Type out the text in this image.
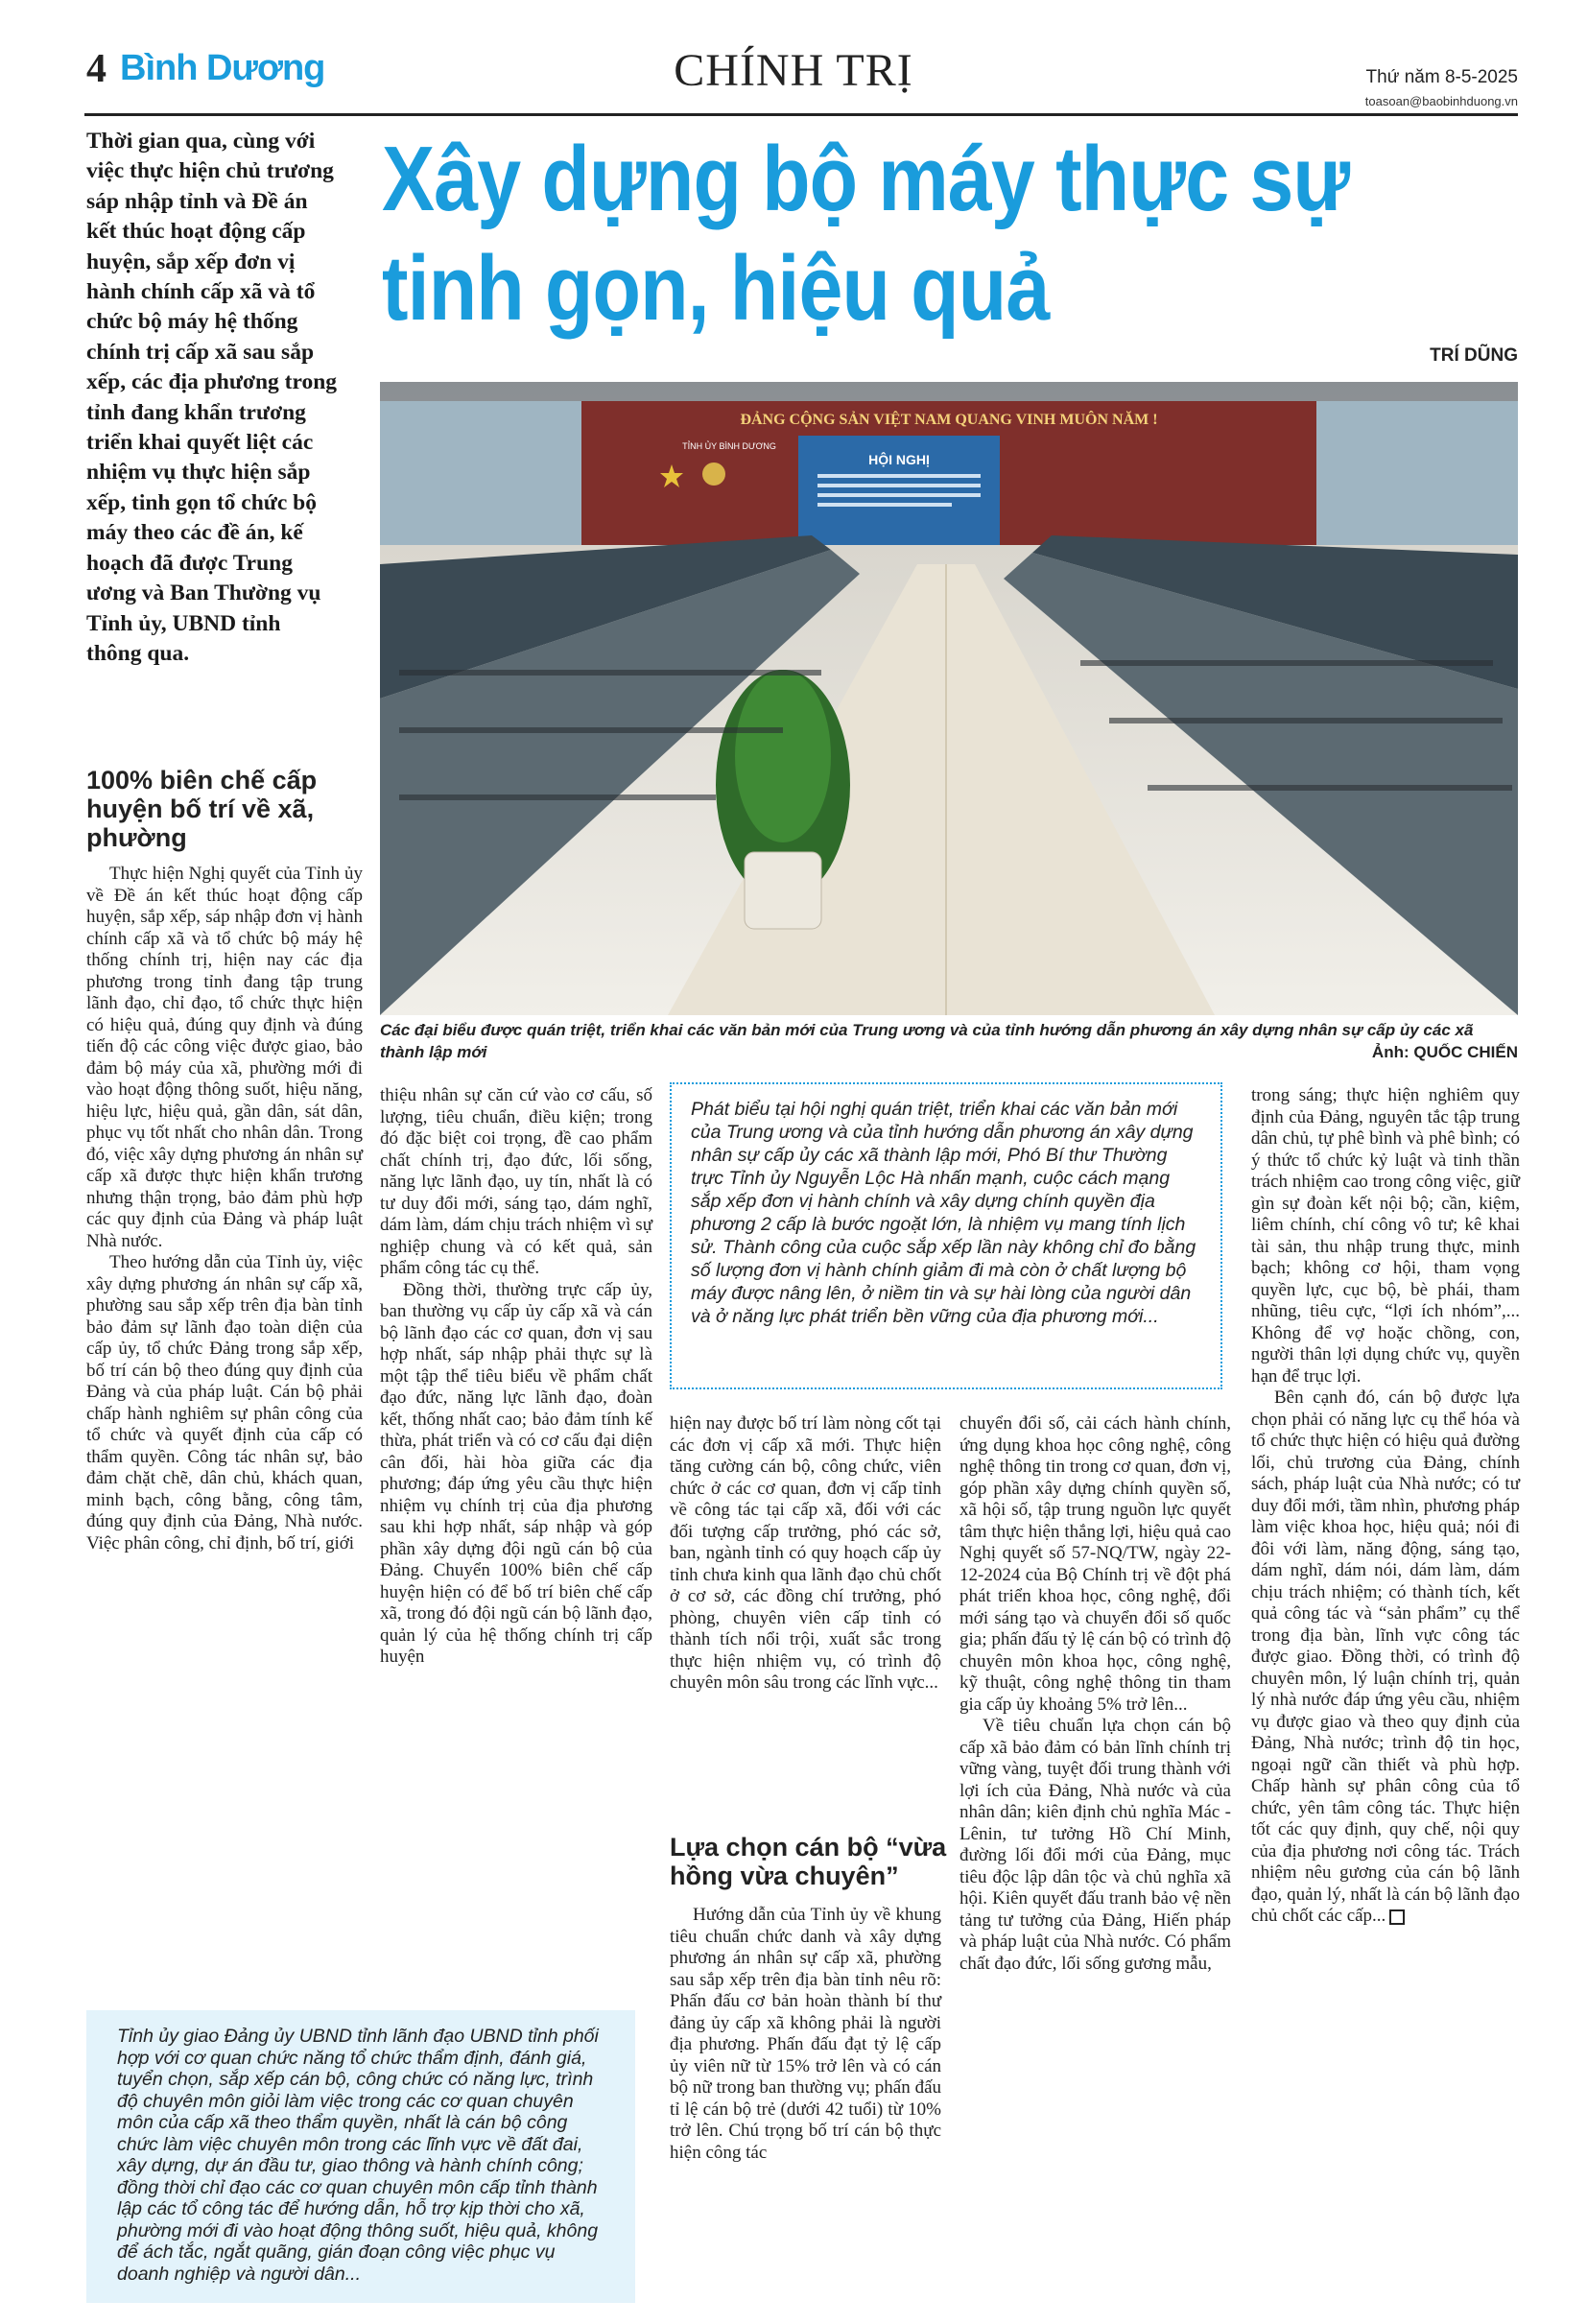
4 Bình Dương	CHÍNH TRỊ	Thứ năm 8-5-2025
toasoan@baobinhduong.vn
Thời gian qua, cùng với việc thực hiện chủ trương sáp nhập tỉnh và Đề án kết thúc hoạt động cấp huyện, sắp xếp đơn vị hành chính cấp xã và tổ chức bộ máy hệ thống chính trị cấp xã sau sắp xếp, các địa phương trong tỉnh đang khẩn trương triển khai quyết liệt các nhiệm vụ thực hiện sắp xếp, tinh gọn tổ chức bộ máy theo các đề án, kế hoạch đã được Trung ương và Ban Thường vụ Tỉnh ủy, UBND tỉnh thông qua.
Xây dựng bộ máy thực sự tinh gọn, hiệu quả
TRÍ DŨNG
ĐẢNG CỘNG SẢN VIỆT NAM QUANG VINH MUÔN NĂM !
HỘI NGHỊ
TỈNH ỦY BÌNH DƯƠNG
Các đại biểu được quán triệt, triển khai các văn bản mới của Trung ương và của tỉnh hướng dẫn phương án xây dựng nhân sự cấp ủy các xã thành lập mới	Ảnh: QUỐC CHIẾN
100% biên chế cấp huyện bố trí về xã, phường
Lựa chọn cán bộ “vừa hồng vừa chuyên”

Thực hiện Nghị quyết của Tỉnh ủy về Đề án kết thúc hoạt động cấp huyện, sắp xếp, sáp nhập đơn vị hành chính cấp xã và tổ chức bộ máy hệ thống chính trị, hiện nay các địa phương trong tỉnh đang tập trung lãnh đạo, chỉ đạo, tổ chức thực hiện có hiệu quả, đúng quy định và đúng tiến độ các công việc được giao, bảo đảm bộ máy của xã, phường mới đi vào hoạt động thông suốt, hiệu năng, hiệu lực, hiệu quả, gần dân, sát dân, phục vụ tốt nhất cho nhân dân. Trong đó, việc xây dựng phương án nhân sự cấp xã được thực hiện khẩn trương nhưng thận trọng, bảo đảm phù hợp các quy định của Đảng và pháp luật Nhà nước.

Theo hướng dẫn của Tỉnh ủy, việc xây dựng phương án nhân sự cấp xã, phường sau sắp xếp trên địa bàn tỉnh bảo đảm sự lãnh đạo toàn diện của cấp ủy, tổ chức Đảng trong sắp xếp, bố trí cán bộ theo đúng quy định của Đảng và của pháp luật. Cán bộ phải chấp hành nghiêm sự phân công của tổ chức và quyết định của cấp có thẩm quyền. Công tác nhân sự, bảo đảm chặt chẽ, dân chủ, khách quan, minh bạch, công bằng, công tâm, đúng quy định của Đảng, Nhà nước. Việc phân công, chỉ định, bố trí, giới

thiệu nhân sự căn cứ vào cơ cấu, số lượng, tiêu chuẩn, điều kiện; trong đó đặc biệt coi trọng, đề cao phẩm chất chính trị, đạo đức, lối sống, năng lực lãnh đạo, uy tín, nhất là có tư duy đổi mới, sáng tạo, dám nghĩ, dám làm, dám chịu trách nhiệm vì sự nghiệp chung và có kết quả, sản phẩm công tác cụ thể.

Đồng thời, thường trực cấp ủy, ban thường vụ cấp ủy cấp xã và cán bộ lãnh đạo các cơ quan, đơn vị sau hợp nhất, sáp nhập phải thực sự là một tập thể tiêu biểu về phẩm chất đạo đức, năng lực lãnh đạo, đoàn kết, thống nhất cao; bảo đảm tính kế thừa, phát triển và có cơ cấu đại diện cân đối, hài hòa giữa các địa phương; đáp ứng yêu cầu thực hiện nhiệm vụ chính trị của địa phương sau khi hợp nhất, sáp nhập và góp phần xây dựng đội ngũ cán bộ của Đảng. Chuyển 100% biên chế cấp huyện hiện có để bố trí biên chế cấp xã, trong đó đội ngũ cán bộ lãnh đạo, quản lý của hệ thống chính trị cấp huyện

hiện nay được bố trí làm nòng cốt tại các đơn vị cấp xã mới. Thực hiện tăng cường cán bộ, công chức, viên chức ở các cơ quan, đơn vị cấp tỉnh về công tác tại cấp xã, đối với các đối tượng cấp trưởng, phó các sở, ban, ngành tỉnh có quy hoạch cấp ủy tỉnh chưa kinh qua lãnh đạo chủ chốt ở cơ sở, các đồng chí trưởng, phó phòng, chuyên viên cấp tỉnh có thành tích nổi trội, xuất sắc trong thực hiện nhiệm vụ, có trình độ chuyên môn sâu trong các lĩnh vực...

Hướng dẫn của Tỉnh ủy về khung tiêu chuẩn chức danh và xây dựng phương án nhân sự cấp xã, phường sau sắp xếp trên địa bàn tỉnh nêu rõ: Phấn đấu cơ bản hoàn thành bí thư đảng ủy cấp xã không phải là người địa phương. Phấn đấu đạt tỷ lệ cấp ủy viên nữ từ 15% trở lên và có cán bộ nữ trong ban thường vụ; phấn đấu tỉ lệ cán bộ trẻ (dưới 42 tuổi) từ 10% trở lên. Chú trọng bố trí cán bộ thực hiện công tác

chuyển đổi số, cải cách hành chính, ứng dụng khoa học công nghệ, công nghệ thông tin trong cơ quan, đơn vị, góp phần xây dựng chính quyền số, xã hội số, tập trung nguồn lực quyết tâm thực hiện thắng lợi, hiệu quả cao Nghị quyết số 57-NQ/TW, ngày 22-12-2024 của Bộ Chính trị về đột phá phát triển khoa học, công nghệ, đổi mới sáng tạo và chuyển đổi số quốc gia; phấn đấu tỷ lệ cán bộ có trình độ chuyên môn khoa học, công nghệ, kỹ thuật, công nghệ thông tin tham gia cấp ủy khoảng 5% trở lên...

Về tiêu chuẩn lựa chọn cán bộ cấp xã bảo đảm có bản lĩnh chính trị vững vàng, tuyệt đối trung thành với lợi ích của Đảng, Nhà nước và của nhân dân; kiên định chủ nghĩa Mác - Lênin, tư tưởng Hồ Chí Minh, đường lối đổi mới của Đảng, mục tiêu độc lập dân tộc và chủ nghĩa xã hội. Kiên quyết đấu tranh bảo vệ nền tảng tư tưởng của Đảng, Hiến pháp và pháp luật của Nhà nước. Có phẩm chất đạo đức, lối sống gương mẫu,

trong sáng; thực hiện nghiêm quy định của Đảng, nguyên tắc tập trung dân chủ, tự phê bình và phê bình; có ý thức tổ chức kỷ luật và tinh thần trách nhiệm cao trong công việc, giữ gìn sự đoàn kết nội bộ; cần, kiệm, liêm chính, chí công vô tư; kê khai tài sản, thu nhập trung thực, minh bạch; không cơ hội, tham vọng quyền lực, cục bộ, bè phái, tham nhũng, tiêu cực, “lợi ích nhóm”,... Không để vợ hoặc chồng, con, người thân lợi dụng chức vụ, quyền hạn để trục lợi.

Bên cạnh đó, cán bộ được lựa chọn phải có năng lực cụ thể hóa và tổ chức thực hiện có hiệu quả đường lối, chủ trương của Đảng, chính sách, pháp luật của Nhà nước; có tư duy đổi mới, tầm nhìn, phương pháp làm việc khoa học, hiệu quả; nói đi đôi với làm, năng động, sáng tạo, dám nghĩ, dám nói, dám làm, dám chịu trách nhiệm; có thành tích, kết quả công tác và “sản phẩm” cụ thể trong địa bàn, lĩnh vực công tác được giao. Đồng thời, có trình độ chuyên môn, lý luận chính trị, quản lý nhà nước đáp ứng yêu cầu, nhiệm vụ được giao và theo quy định của Đảng, Nhà nước; trình độ tin học, ngoại ngữ cần thiết và phù hợp. Chấp hành sự phân công của tổ chức, yên tâm công tác. Thực hiện tốt các quy định, quy chế, nội quy của địa phương nơi công tác. Trách nhiệm nêu gương của cán bộ lãnh đạo, quản lý, nhất là cán bộ lãnh đạo chủ chốt các cấp...

Phát biểu tại hội nghị quán triệt, triển khai các văn bản mới của Trung ương và của tỉnh hướng dẫn phương án xây dựng nhân sự cấp ủy các xã thành lập mới, Phó Bí thư Thường trực Tỉnh ủy Nguyễn Lộc Hà nhấn mạnh, cuộc cách mạng sắp xếp đơn vị hành chính và xây dựng chính quyền địa phương 2 cấp là bước ngoặt lớn, là nhiệm vụ mang tính lịch sử. Thành công của cuộc sắp xếp lần này không chỉ đo bằng số lượng đơn vị hành chính giảm đi mà còn ở chất lượng bộ máy được nâng lên, ở niềm tin và sự hài lòng của người dân và ở năng lực phát triển bền vững của địa phương mới...

Tỉnh ủy giao Đảng ủy UBND tỉnh lãnh đạo UBND tỉnh phối hợp với cơ quan chức năng tổ chức thẩm định, đánh giá, tuyển chọn, sắp xếp cán bộ, công chức có năng lực, trình độ chuyên môn giỏi làm việc trong các cơ quan chuyên môn của cấp xã theo thẩm quyền, nhất là cán bộ công chức làm việc chuyên môn trong các lĩnh vực về đất đai, xây dựng, dự án đầu tư, giao thông và hành chính công; đồng thời chỉ đạo các cơ quan chuyên môn cấp tỉnh thành lập các tổ công tác để hướng dẫn, hỗ trợ kịp thời cho xã, phường mới đi vào hoạt động thông suốt, hiệu quả, không để ách tắc, ngắt quãng, gián đoạn công việc phục vụ doanh nghiệp và người dân...
